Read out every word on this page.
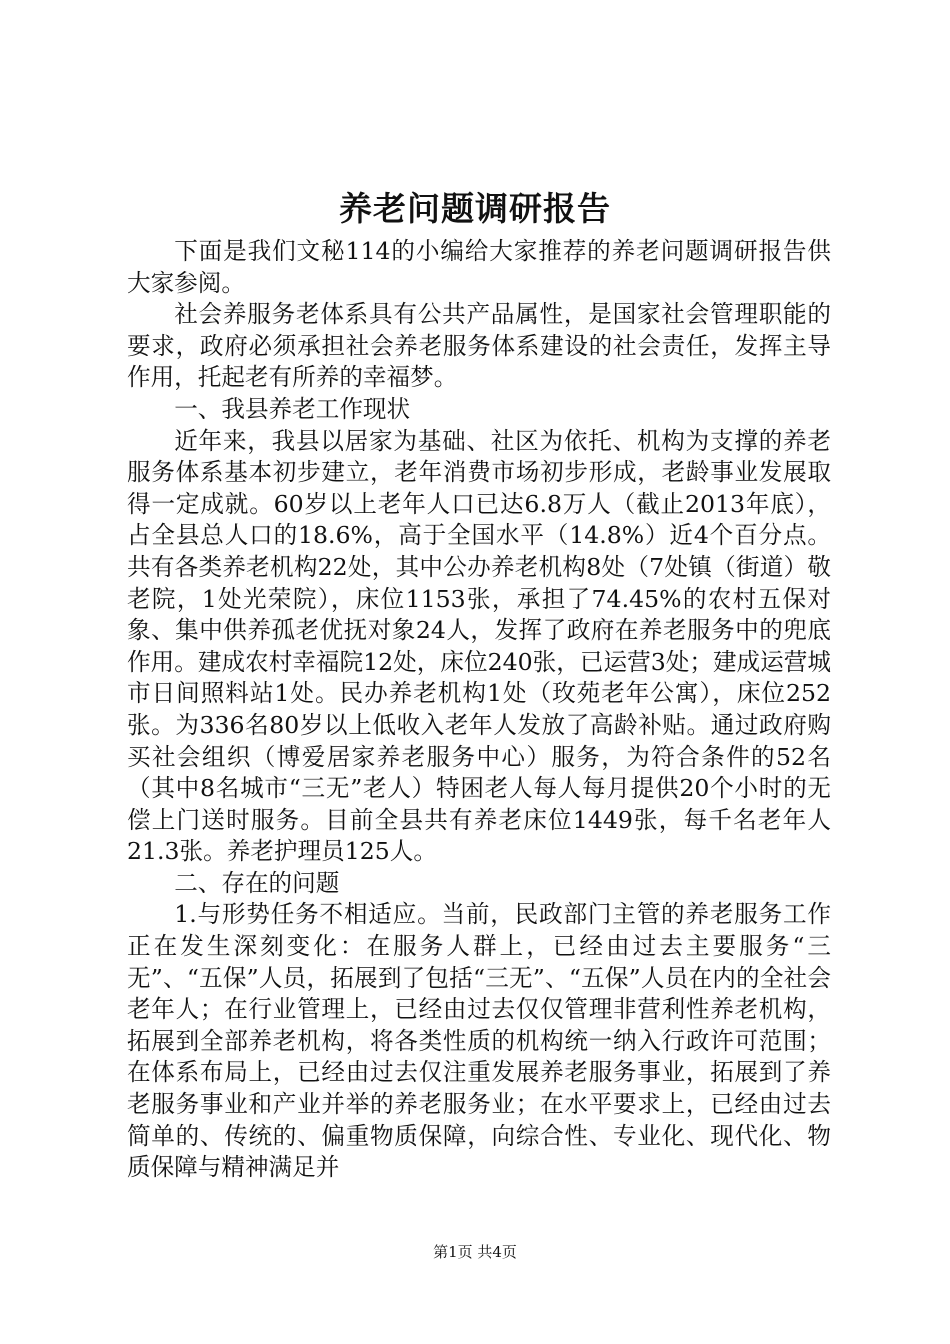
养老问题调研报告

下面是我们文秘114的小编给大家推荐的养老问题调研报告供大家参阅。

社会养服务老体系具有公共产品属性，是国家社会管理职能的要求，政府必须承担社会养老服务体系建设的社会责任，发挥主导作用，托起老有所养的幸福梦。

一、我县养老工作现状

近年来，我县以居家为基础、社区为依托、机构为支撑的养老服务体系基本初步建立，老年消费市场初步形成，老龄事业发展取得一定成就。60岁以上老年人口已达6.8万人（截止2013年底），占全县总人口的18.6%，高于全国水平（14.8%）近4个百分点。共有各类养老机构22处，其中公办养老机构8处（7处镇（街道）敬老院，1处光荣院），床位1153张，承担了74.45%的农村五保对象、集中供养孤老优抚对象24人，发挥了政府在养老服务中的兜底作用。建成农村幸福院12处，床位240张，已运营3处；建成运营城市日间照料站1处。民办养老机构1处（玫苑老年公寓），床位252张。为336名80岁以上低收入老年人发放了高龄补贴。通过政府购买社会组织（博爱居家养老服务中心）服务，为符合条件的52名（其中8名城市“三无”老人）特困老人每人每月提供20个小时的无偿上门送时服务。目前全县共有养老床位1449张，每千名老年人21.3张。养老护理员125人。

二、存在的问题

1.与形势任务不相适应。当前，民政部门主管的养老服务工作正在发生深刻变化：在服务人群上，已经由过去主要服务“三无”、“五保”人员，拓展到了包括“三无”、“五保”人员在内的全社会老年人；在行业管理上，已经由过去仅仅管理非营利性养老机构，拓展到全部养老机构，将各类性质的机构统一纳入行政许可范围；在体系布局上，已经由过去仅注重发展养老服务事业，拓展到了养老服务事业和产业并举的养老服务业；在水平要求上，已经由过去简单的、传统的、偏重物质保障，向综合性、专业化、现代化、物质保障与精神满足并

第1页 共4页
